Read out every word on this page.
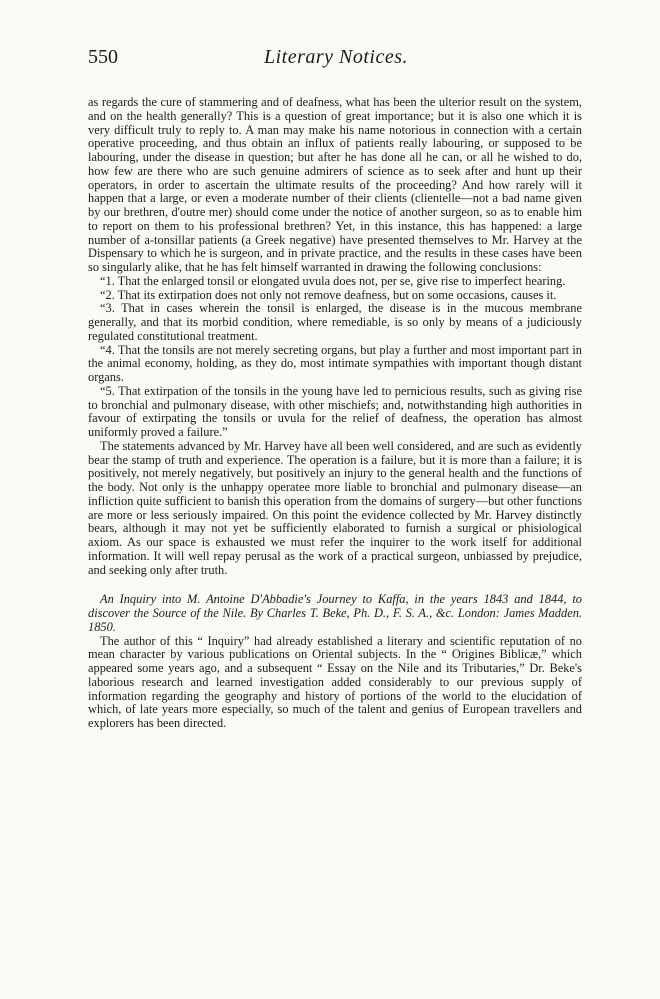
550	Literary Notices.

as regards the cure of stammering and of deafness, what has been the ulterior result on the system, and on the health generally? This is a question of great importance; but it is also one which it is very difficult truly to reply to. A man may make his name notorious in connection with a certain operative proceeding, and thus obtain an influx of patients really labouring, or supposed to be labouring, under the disease in question; but after he has done all he can, or all he wished to do, how few are there who are such genuine admirers of science as to seek after and hunt up their operators, in order to ascertain the ultimate results of the proceeding? And how rarely will it happen that a large, or even a moderate number of their clients (clientelle—not a bad name given by our brethren, d'outre mer) should come under the notice of another surgeon, so as to enable him to report on them to his professional brethren? Yet, in this instance, this has happened: a large number of a-tonsillar patients (a Greek negative) have presented themselves to Mr. Harvey at the Dispensary to which he is surgeon, and in private practice, and the results in these cases have been so singularly alike, that he has felt himself warranted in drawing the following conclusions:

“1. That the enlarged tonsil or elongated uvula does not, per se, give rise to imperfect hearing.

“2. That its extirpation does not only not remove deafness, but on some occasions, causes it.

“3. That in cases wherein the tonsil is enlarged, the disease is in the mucous membrane generally, and that its morbid condition, where remediable, is so only by means of a judiciously regulated constitutional treatment.

“4. That the tonsils are not merely secreting organs, but play a further and most important part in the animal economy, holding, as they do, most intimate sympathies with important though distant organs.

“5. That extirpation of the tonsils in the young have led to pernicious results, such as giving rise to bronchial and pulmonary disease, with other mischiefs; and, notwithstanding high authorities in favour of extirpating the tonsils or uvula for the relief of deafness, the operation has almost uniformly proved a failure.”

The statements advanced by Mr. Harvey have all been well considered, and are such as evidently bear the stamp of truth and experience. The operation is a failure, but it is more than a failure; it is positively, not merely negatively, but positively an injury to the general health and the functions of the body. Not only is the unhappy operatee more liable to bronchial and pulmonary disease—an infliction quite sufficient to banish this operation from the domains of surgery—but other functions are more or less seriously impaired. On this point the evidence collected by Mr. Harvey distinctly bears, although it may not yet be sufficiently elaborated to furnish a surgical or phisiological axiom. As our space is exhausted we must refer the inquirer to the work itself for additional information. It will well repay perusal as the work of a practical surgeon, unbiassed by prejudice, and seeking only after truth.

An Inquiry into M. Antoine D'Abbadie's Journey to Kaffa, in the years 1843 and 1844, to discover the Source of the Nile. By Charles T. Beke, Ph. D., F. S. A., &c. London: James Madden. 1850.

The author of this “ Inquiry” had already established a literary and scientific reputation of no mean character by various publications on Oriental subjects. In the “ Origines Biblicæ,” which appeared some years ago, and a subsequent “ Essay on the Nile and its Tributaries,” Dr. Beke's laborious research and learned investigation added considerably to our previous supply of information regarding the geography and history of portions of the world to the elucidation of which, of late years more especially, so much of the talent and genius of European travellers and explorers has been directed.
